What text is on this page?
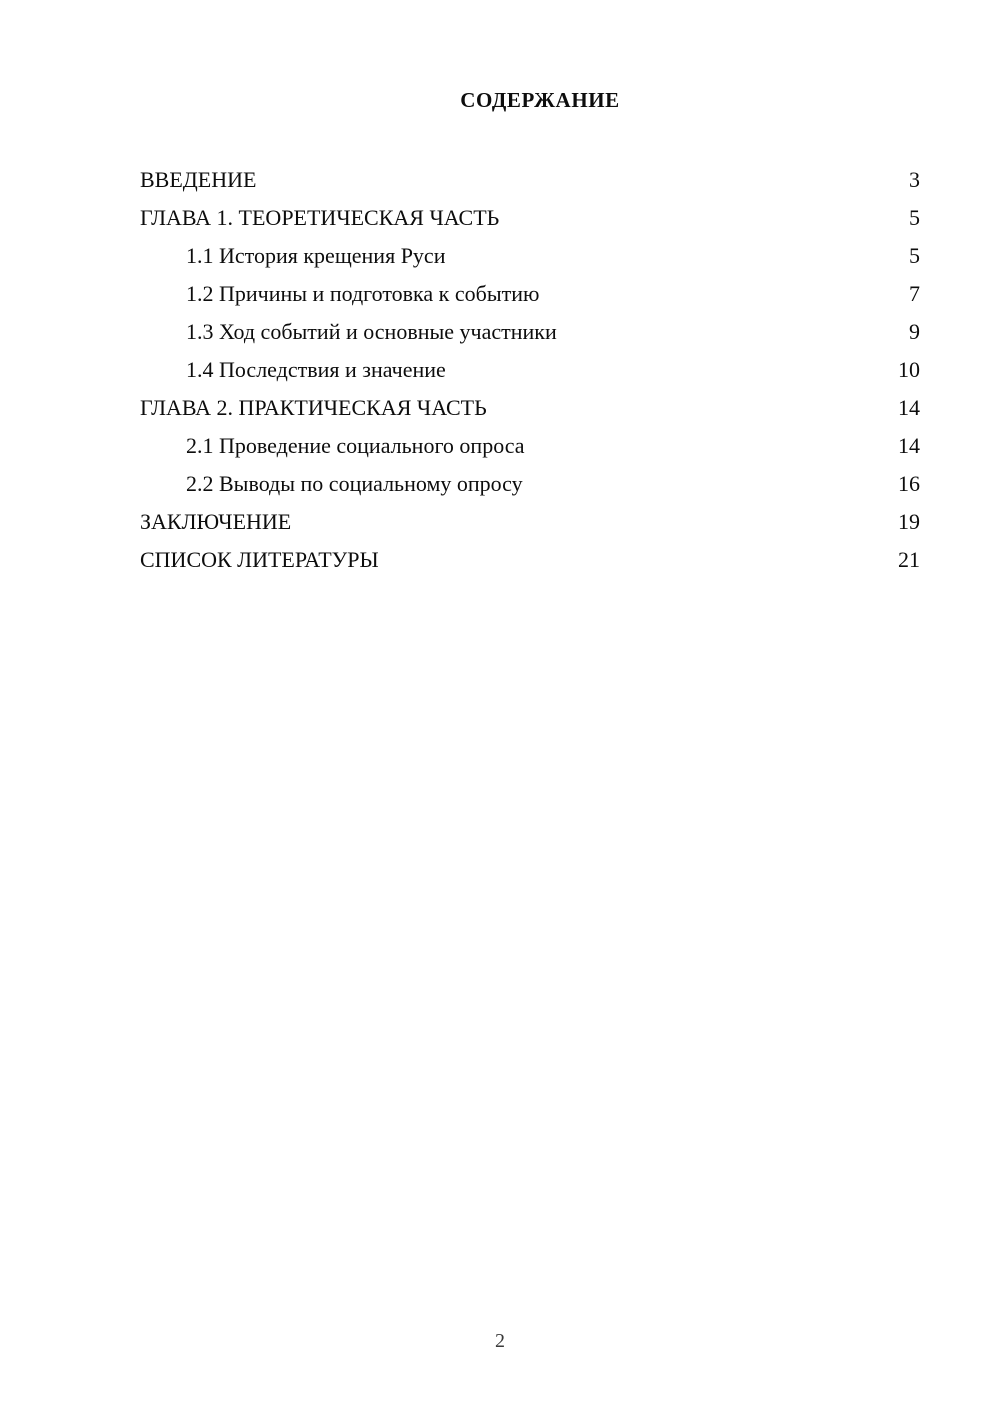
СОДЕРЖАНИЕ
ВВЕДЕНИЕ	3
ГЛАВА 1. ТЕОРЕТИЧЕСКАЯ ЧАСТЬ	5
1.1 История крещения Руси	5
1.2 Причины и подготовка к событию	7
1.3 Ход событий и основные участники	9
1.4 Последствия и значение	10
ГЛАВА 2. ПРАКТИЧЕСКАЯ ЧАСТЬ	14
2.1 Проведение социального опроса	14
2.2 Выводы по социальному опросу	16
ЗАКЛЮЧЕНИЕ	19
СПИСОК ЛИТЕРАТУРЫ	21
2
